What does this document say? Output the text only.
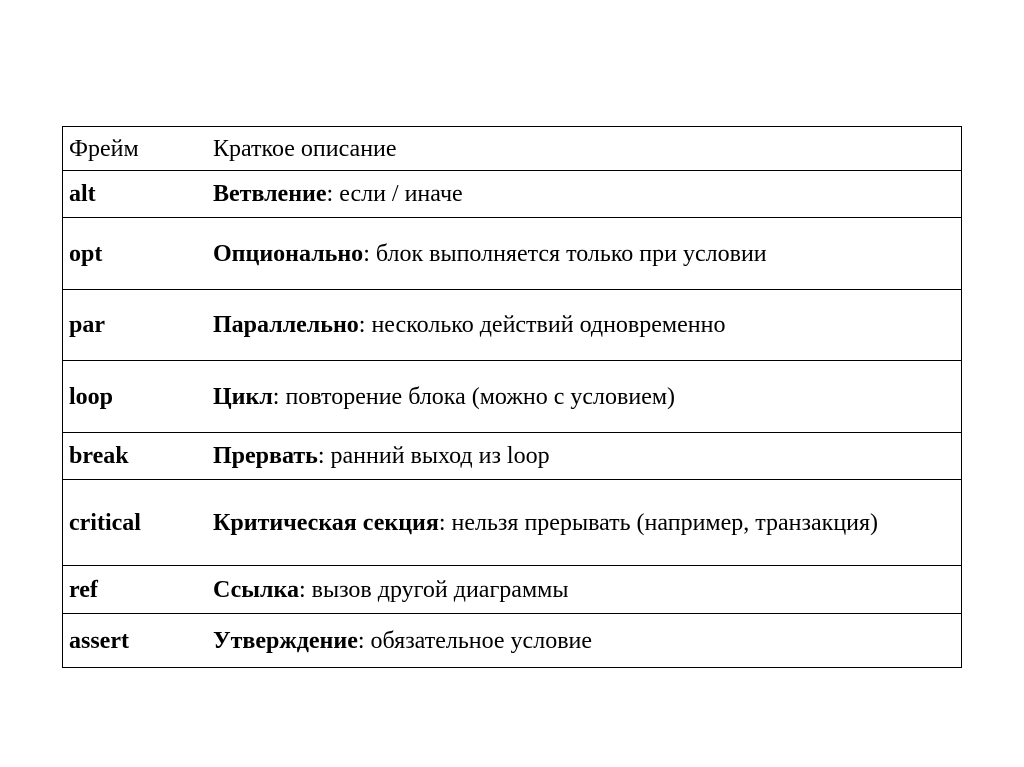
Фрейм	Краткое описание
alt	Ветвление: если / иначе
opt	Опционально: блок выполняется только при условии
par	Параллельно: несколько действий одновременно
loop	Цикл: повторение блока (можно с условием)
break	Прервать: ранний выход из loop
critical	Критическая секция: нельзя прерывать (например, транзакция)
ref	Ссылка: вызов другой диаграммы
assert	Утверждение: обязательное условие
